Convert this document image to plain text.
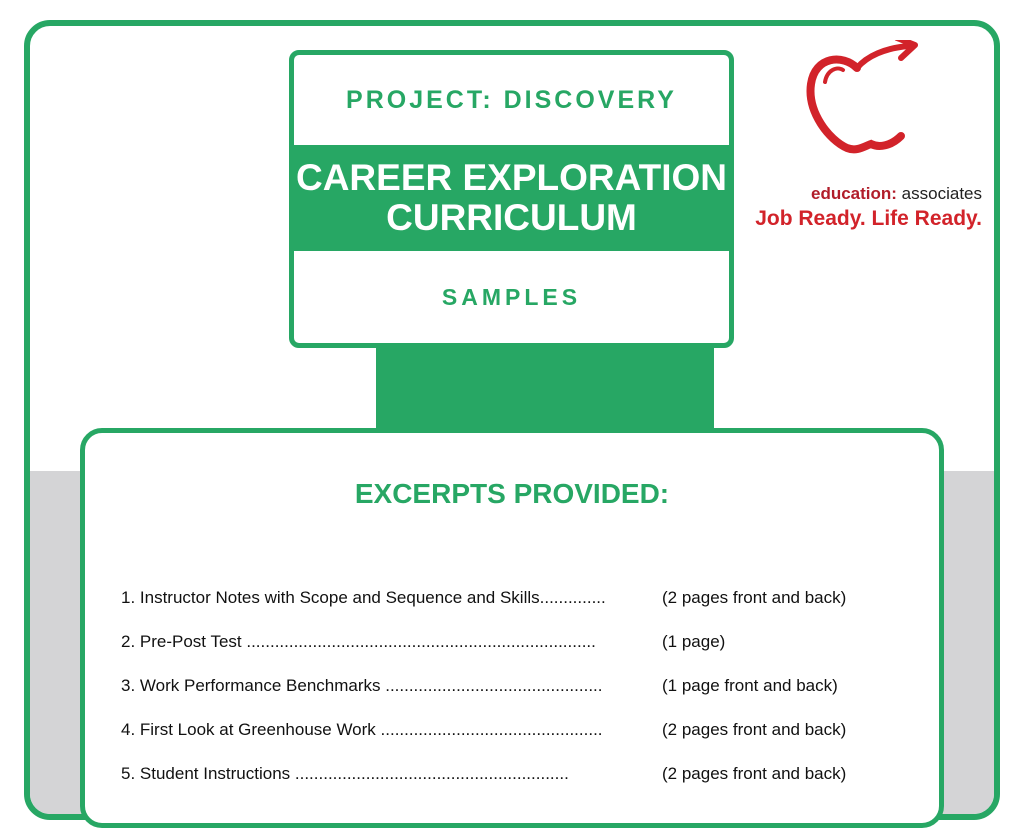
PROJECT: DISCOVERY
CAREER EXPLORATION
CURRICULUM
SAMPLES
education: associates
Job Ready. Life Ready.
EXCERPTS PROVIDED:
1. Instructor Notes with Scope and Sequence and Skills..............	(2 pages front and back)
2. Pre-Post Test ..........................................................................	(1 page)
3. Work Performance Benchmarks ..............................................	(1 page front and back)
4. First Look at Greenhouse Work ...............................................	(2 pages front and back)
5. Student Instructions ..........................................................	(2 pages front and back)
